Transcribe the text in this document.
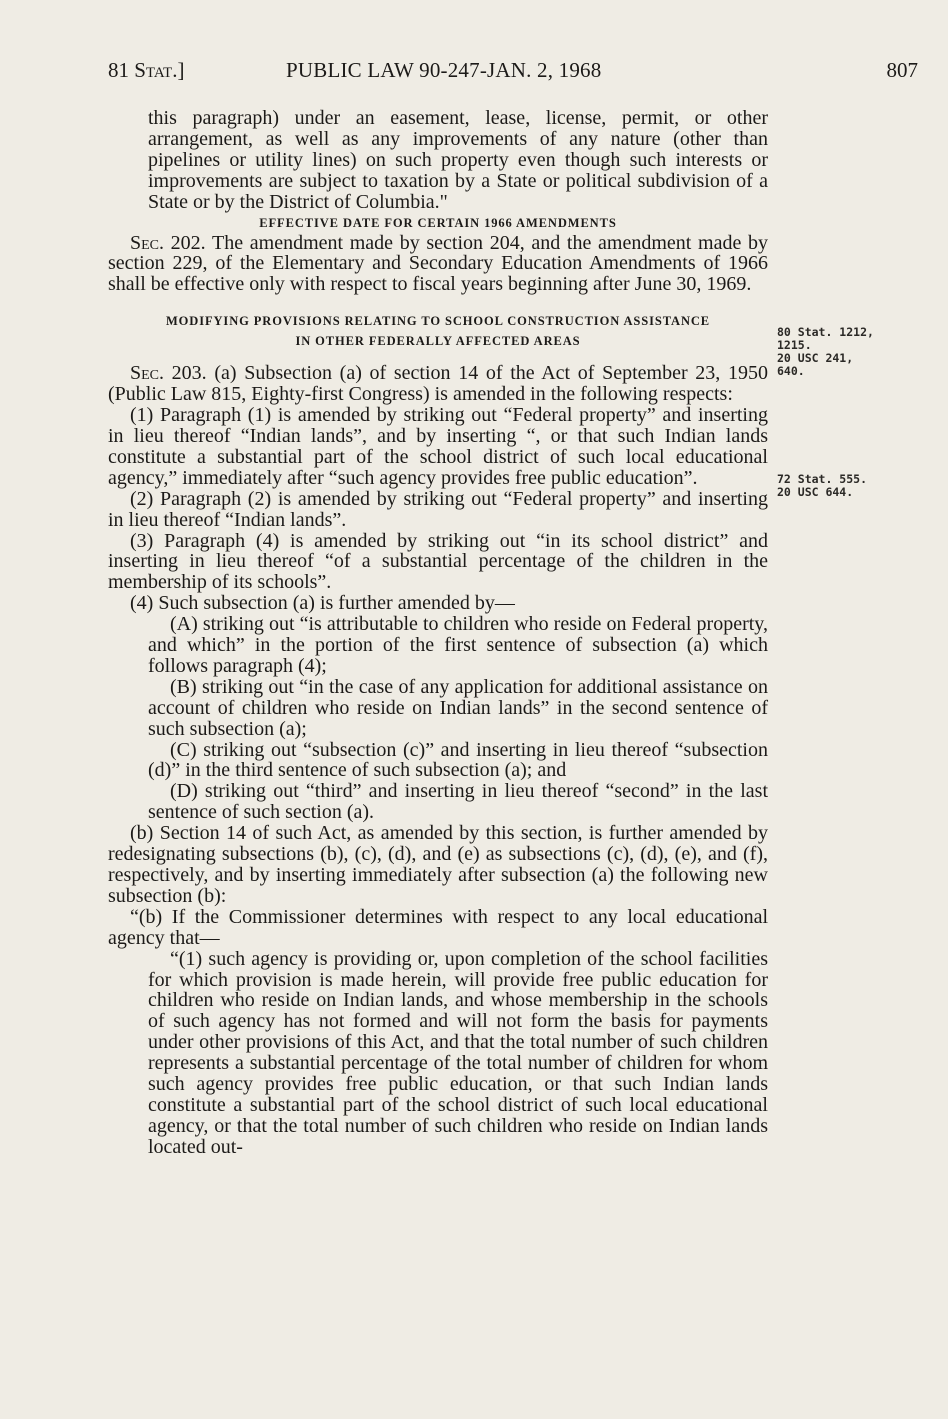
81 Stat.]	PUBLIC LAW 90-247-JAN. 2, 1968	807

this paragraph) under an easement, lease, license, permit, or other arrangement, as well as any improvements of any nature (other than pipelines or utility lines) on such property even though such interests or improvements are subject to taxation by a State or political subdivision of a State or by the District of Columbia."

EFFECTIVE DATE FOR CERTAIN 1966 AMENDMENTS

Sec. 202. The amendment made by section 204, and the amendment made by section 229, of the Elementary and Secondary Education Amendments of 1966 shall be effective only with respect to fiscal years beginning after June 30, 1969.

MODIFYING PROVISIONS RELATING TO SCHOOL CONSTRUCTION ASSISTANCE
IN OTHER FEDERALLY AFFECTED AREAS

Sec. 203. (a) Subsection (a) of section 14 of the Act of September 23, 1950 (Public Law 815, Eighty-first Congress) is amended in the following respects:

(1) Paragraph (1) is amended by striking out “Federal property” and inserting in lieu thereof “Indian lands”, and by inserting “, or that such Indian lands constitute a substantial part of the school district of such local educational agency,” immediately after “such agency provides free public education”.

(2) Paragraph (2) is amended by striking out “Federal property” and inserting in lieu thereof “Indian lands”.

(3) Paragraph (4) is amended by striking out “in its school district” and inserting in lieu thereof “of a substantial percentage of the children in the membership of its schools”.

(4) Such subsection (a) is further amended by—

(A) striking out “is attributable to children who reside on Federal property, and which” in the portion of the first sentence of subsection (a) which follows paragraph (4);

(B) striking out “in the case of any application for additional assistance on account of children who reside on Indian lands” in the second sentence of such subsection (a);

(C) striking out “subsection (c)” and inserting in lieu thereof “subsection (d)” in the third sentence of such subsection (a); and

(D) striking out “third” and inserting in lieu thereof “second” in the last sentence of such section (a).

(b) Section 14 of such Act, as amended by this section, is further amended by redesignating subsections (b), (c), (d), and (e) as subsections (c), (d), (e), and (f), respectively, and by inserting immediately after subsection (a) the following new subsection (b):

“(b) If the Commissioner determines with respect to any local educational agency that—

“(1) such agency is providing or, upon completion of the school facilities for which provision is made herein, will provide free public education for children who reside on Indian lands, and whose membership in the schools of such agency has not formed and will not form the basis for payments under other provisions of this Act, and that the total number of such children represents a substantial percentage of the total number of children for whom such agency provides free public education, or that such Indian lands constitute a substantial part of the school district of such local educational agency, or that the total number of such children who reside on Indian lands located out-

80 Stat. 1212,
1215.
20 USC 241,
640.
72 Stat. 555.
20 USC 644.
